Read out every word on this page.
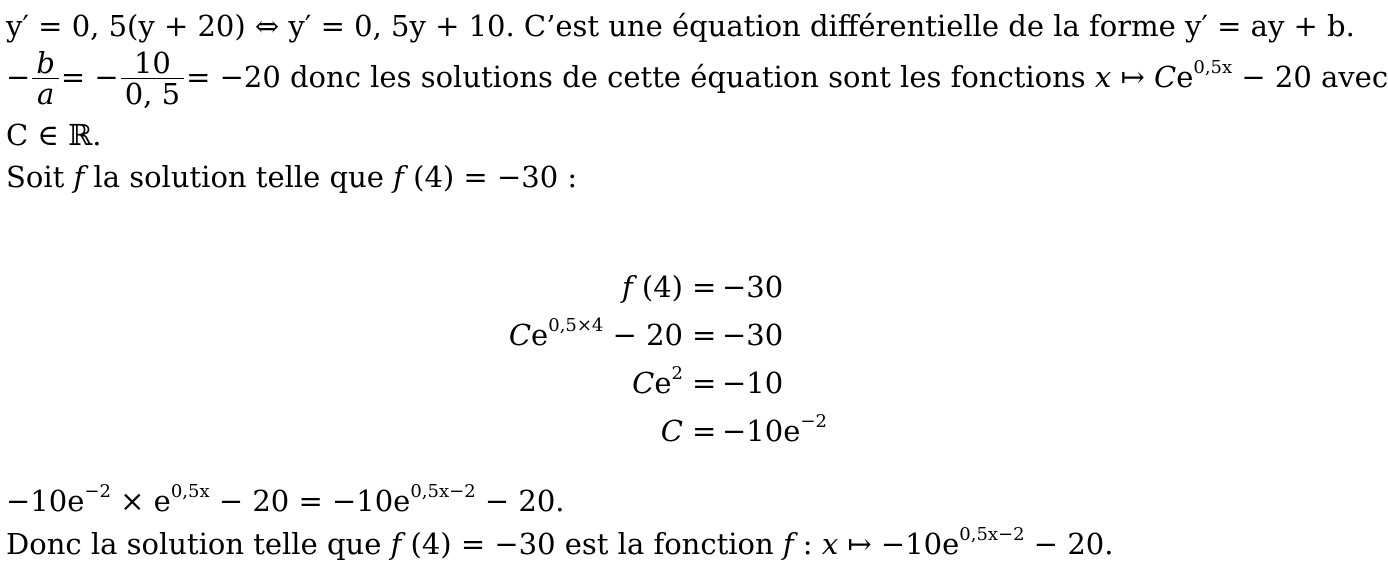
y′ = 0, 5(y + 20) ⇔ y′ = 0, 5y + 10. C’est une équation différentielle de la forme y′ = ay + b.
− $\frac{b}{a}$ = − $\frac{10}{0, 5} = -20$ donc les solutions de cette équation sont les fonctions x ↦ $Ce^{0,5x} - 20$ avec
C ∈ ℝ.
Soit f la solution telle que f (4) = −30 :
f (4) = −30
$Ce^{0,5\times 4} - 20 = -30$
$Ce^2 = -10$
$C = -10e^{-2}$
$-10e^{-2} \times e^{0,5x} - 20 = -10e^{0,5x-2} - 20$.
Donc la solution telle que f (4) = −30 est la fonction f : x ↦ $-10e^{0,5x-2} - 20$.
